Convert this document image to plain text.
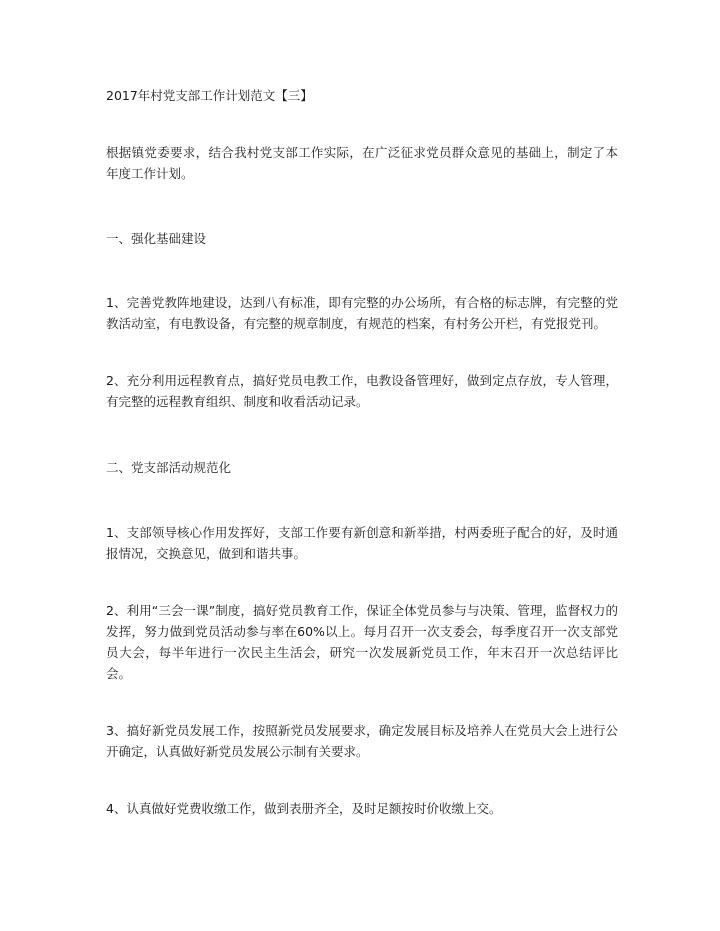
2017年村党支部工作计划范文【三】

根据镇党委要求，结合我村党支部工作实际，在广泛征求党员群众意见的基础上，制定了本年度工作计划。

一、强化基础建设

1、完善党教阵地建设，达到八有标准，即有完整的办公场所，有合格的标志牌，有完整的党教活动室，有电教设备，有完整的规章制度，有规范的档案，有村务公开栏，有党报党刊。

2、充分利用远程教育点，搞好党员电教工作，电教设备管理好，做到定点存放，专人管理，有完整的远程教育组织、制度和收看活动记录。

二、党支部活动规范化

1、支部领导核心作用发挥好，支部工作要有新创意和新举措，村两委班子配合的好，及时通报情况，交换意见，做到和谐共事。

2、利用“三会一课”制度，搞好党员教育工作，保证全体党员参与与决策、管理，监督权力的发挥，努力做到党员活动参与率在60%以上。每月召开一次支委会，每季度召开一次支部党员大会，每半年进行一次民主生活会，研究一次发展新党员工作，年末召开一次总结评比会。

3、搞好新党员发展工作，按照新党员发展要求，确定发展目标及培养人在党员大会上进行公开确定，认真做好新党员发展公示制有关要求。

4、认真做好党费收缴工作，做到表册齐全，及时足额按时价收缴上交。
